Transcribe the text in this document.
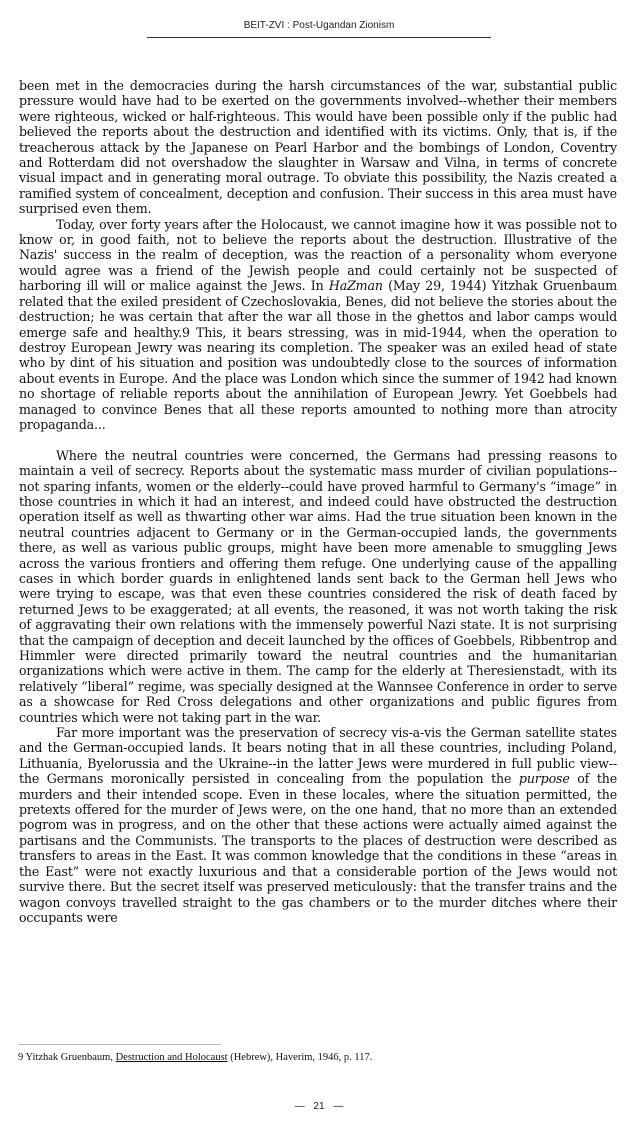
BEIT-ZVI : Post-Ugandan Zionism

been met in the democracies during the harsh circumstances of the war, substantial public pressure would have had to be exerted on the governments involved--whether their members were righteous, wicked or half-righteous. This would have been possible only if the public had believed the reports about the destruction and identified with its victims. Only, that is, if the treacherous attack by the Japanese on Pearl Harbor and the bombings of London, Coventry and Rotterdam did not overshadow the slaughter in Warsaw and Vilna, in terms of concrete visual impact and in generating moral outrage. To obviate this possibility, the Nazis created a ramified system of concealment, deception and confusion. Their success in this area must have surprised even them.

Today, over forty years after the Holocaust, we cannot imagine how it was possible not to know or, in good faith, not to believe the reports about the destruction. Illustrative of the Nazis' success in the realm of deception, was the reaction of a personality whom everyone would agree was a friend of the Jewish people and could certainly not be suspected of harboring ill will or malice against the Jews. In HaZman (May 29, 1944) Yitzhak Gruenbaum related that the exiled president of Czechoslovakia, Benes, did not believe the stories about the destruction; he was certain that after the war all those in the ghettos and labor camps would emerge safe and healthy.9 This, it bears stressing, was in mid-1944, when the operation to destroy European Jewry was nearing its completion. The speaker was an exiled head of state who by dint of his situation and position was undoubtedly close to the sources of information about events in Europe. And the place was London which since the summer of 1942 had known no shortage of reliable reports about the annihilation of European Jewry. Yet Goebbels had managed to convince Benes that all these reports amounted to nothing more than atrocity propaganda...

Where the neutral countries were concerned, the Germans had pressing reasons to maintain a veil of secrecy. Reports about the systematic mass murder of civilian populations--not sparing infants, women or the elderly--could have proved harmful to Germany's “image” in those countries in which it had an interest, and indeed could have obstructed the destruction operation itself as well as thwarting other war aims. Had the true situation been known in the neutral countries adjacent to Germany or in the German-occupied lands, the governments there, as well as various public groups, might have been more amenable to smuggling Jews across the various frontiers and offering them refuge. One underlying cause of the appalling cases in which border guards in enlightened lands sent back to the German hell Jews who were trying to escape, was that even these countries considered the risk of death faced by returned Jews to be exaggerated; at all events, the reasoned, it was not worth taking the risk of aggravating their own relations with the immensely powerful Nazi state. It is not surprising that the campaign of deception and deceit launched by the offices of Goebbels, Ribbentrop and Himmler were directed primarily toward the neutral countries and the humanitarian organizations which were active in them. The camp for the elderly at Theresienstadt, with its relatively “liberal” regime, was specially designed at the Wannsee Conference in order to serve as a showcase for Red Cross delegations and other organizations and public figures from countries which were not taking part in the war.

Far more important was the preservation of secrecy vis-a-vis the German satellite states and the German-occupied lands. It bears noting that in all these countries, including Poland, Lithuania, Byelorussia and the Ukraine--in the latter Jews were murdered in full public view--the Germans moronically persisted in concealing from the population the purpose of the murders and their intended scope. Even in these locales, where the situation permitted, the pretexts offered for the murder of Jews were, on the one hand, that no more than an extended pogrom was in progress, and on the other that these actions were actually aimed against the partisans and the Communists. The transports to the places of destruction were described as transfers to areas in the East. It was common knowledge that the conditions in these “areas in the East” were not exactly luxurious and that a considerable portion of the Jews would not survive there. But the secret itself was preserved meticulously: that the transfer trains and the wagon convoys travelled straight to the gas chambers or to the murder ditches where their occupants were

9 Yitzhak Gruenbaum, Destruction and Holocaust (Hebrew), Haverim, 1946, p. 117.
— 21 —
